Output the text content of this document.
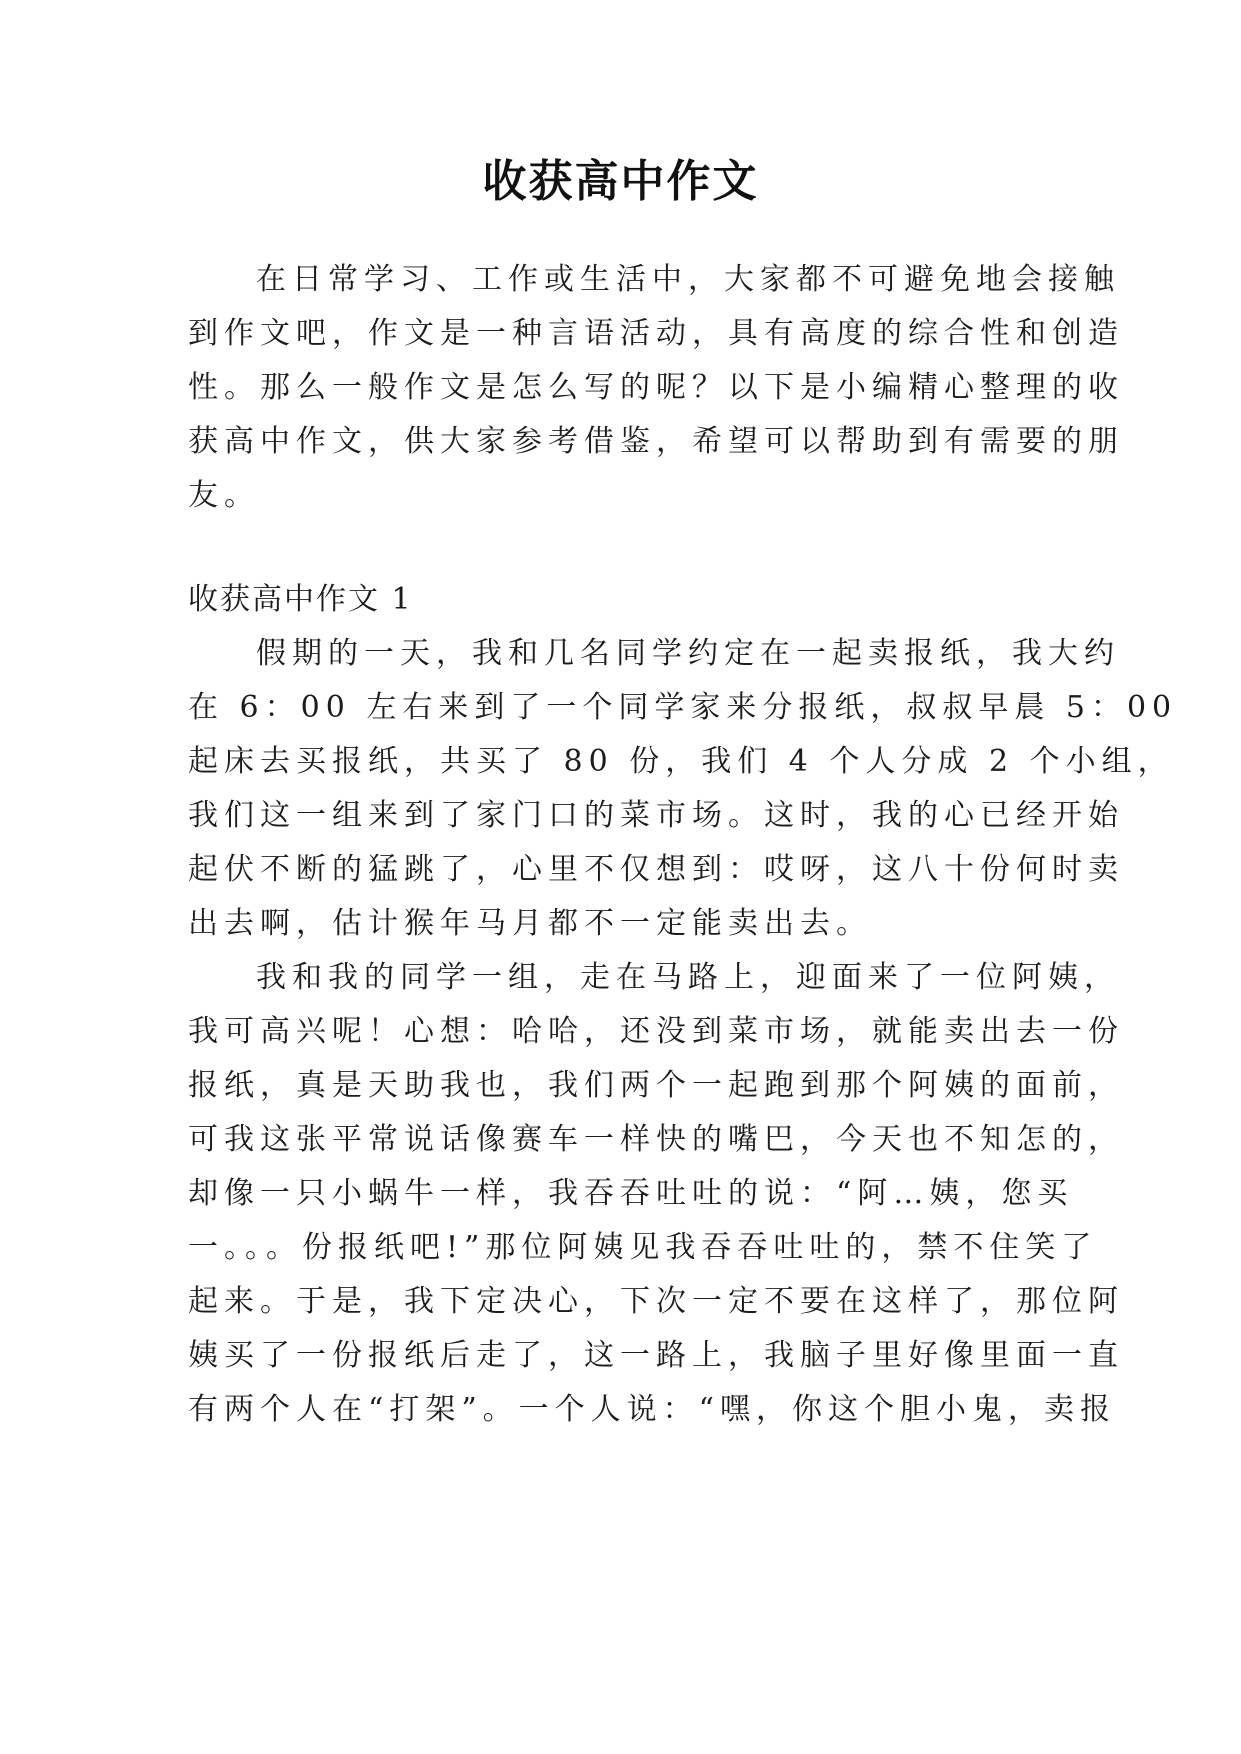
收获高中作文

在日常学习、工作或生活中，大家都不可避免地会接触

到作文吧，作文是一种言语活动，具有高度的综合性和创造

性。那么一般作文是怎么写的呢？以下是小编精心整理的收

获高中作文，供大家参考借鉴，希望可以帮助到有需要的朋

友。

收获高中作文 1

假期的一天，我和几名同学约定在一起卖报纸，我大约

在 6：00 左右来到了一个同学家来分报纸，叔叔早晨 5：00

起床去买报纸，共买了 80 份，我们 4 个人分成 2 个小组，

我们这一组来到了家门口的菜市场。这时，我的心已经开始

起伏不断的猛跳了，心里不仅想到：哎呀，这八十份何时卖

出去啊，估计猴年马月都不一定能卖出去。

我和我的同学一组，走在马路上，迎面来了一位阿姨，

我可高兴呢！心想：哈哈，还没到菜市场，就能卖出去一份

报纸，真是天助我也，我们两个一起跑到那个阿姨的面前，

可我这张平常说话像赛车一样快的嘴巴，今天也不知怎的，

却像一只小蜗牛一样，我吞吞吐吐的说：“阿…姨，您买

一。。。份报纸吧!”那位阿姨见我吞吞吐吐的，禁不住笑了

起来。于是，我下定决心，下次一定不要在这样了，那位阿

姨买了一份报纸后走了，这一路上，我脑子里好像里面一直

有两个人在“打架”。一个人说：“嘿，你这个胆小鬼，卖报
